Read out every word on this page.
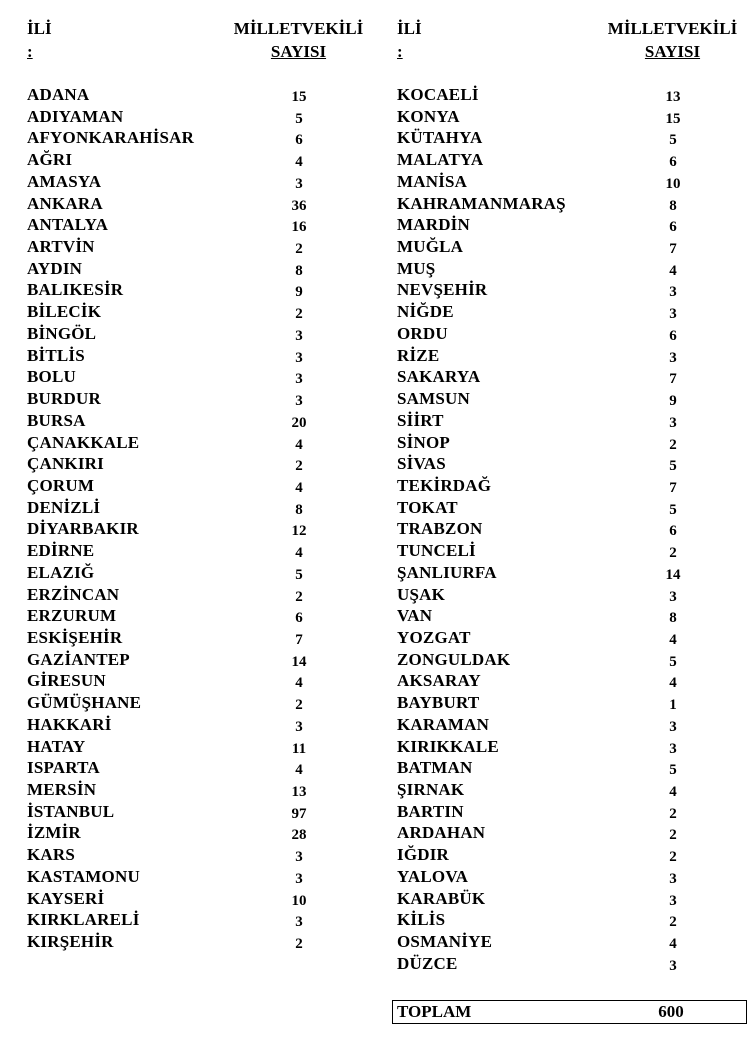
İLİ
:
MİLLETVEKİLİ
SAYISI
İLİ
:
MİLLETVEKİLİ
SAYISI
ADANA	15
ADIYAMAN	5
AFYONKARAHİSAR	6
AĞRI	4
AMASYA	3
ANKARA	36
ANTALYA	16
ARTVİN	2
AYDIN	8
BALIKESİR	9
BİLECİK	2
BİNGÖL	3
BİTLİS	3
BOLU	3
BURDUR	3
BURSA	20
ÇANAKKALE	4
ÇANKIRI	2
ÇORUM	4
DENİZLİ	8
DİYARBAKIR	12
EDİRNE	4
ELAZIĞ	5
ERZİNCAN	2
ERZURUM	6
ESKİŞEHİR	7
GAZİANTEP	14
GİRESUN	4
GÜMÜŞHANE	2
HAKKARİ	3
HATAY	11
ISPARTA	4
MERSİN	13
İSTANBUL	97
İZMİR	28
KARS	3
KASTAMONU	3
KAYSERİ	10
KIRKLARELİ	3
KIRŞEHİR	2
KOCAELİ	13
KONYA	15
KÜTAHYA	5
MALATYA	6
MANİSA	10
KAHRAMANMARAŞ	8
MARDİN	6
MUĞLA	7
MUŞ	4
NEVŞEHİR	3
NİĞDE	3
ORDU	6
RİZE	3
SAKARYA	7
SAMSUN	9
SİİRT	3
SİNOP	2
SİVAS	5
TEKİRDAĞ	7
TOKAT	5
TRABZON	6
TUNCELİ	2
ŞANLIURFA	14
UŞAK	3
VAN	8
YOZGAT	4
ZONGULDAK	5
AKSARAY	4
BAYBURT	1
KARAMAN	3
KIRIKKALE	3
BATMAN	5
ŞIRNAK	4
BARTIN	2
ARDAHAN	2
IĞDIR	2
YALOVA	3
KARABÜK	3
KİLİS	2
OSMANİYE	4
DÜZCE	3
TOPLAM	600
